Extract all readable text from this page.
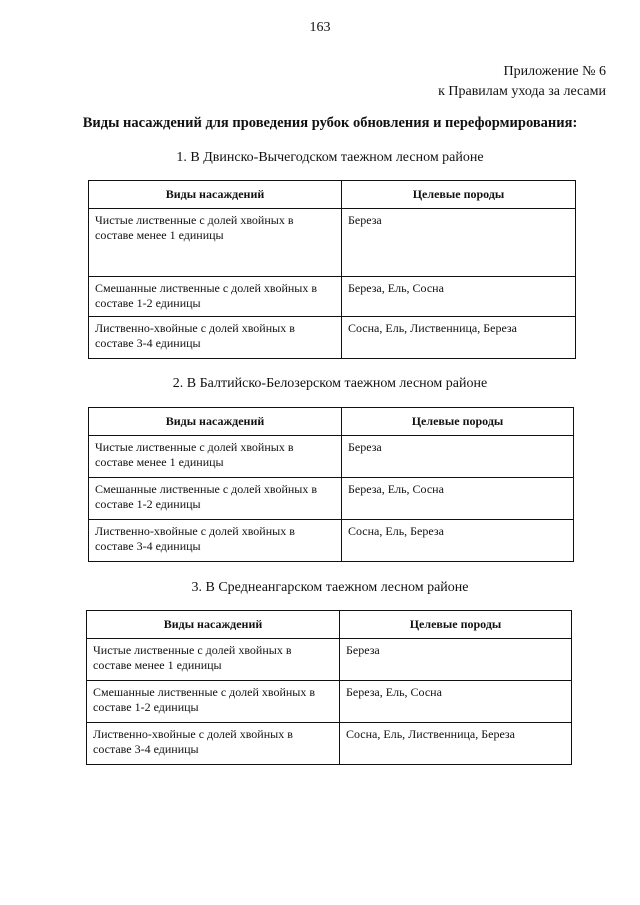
163
Приложение № 6
к Правилам ухода за лесами
Виды насаждений для проведения рубок обновления и переформирования:
1. В Двинско-Вычегодском таежном лесном районе
Виды насаждений	Целевые породы
Чистые лиственные с долей хвойных в составе менее 1 единицы	Береза
Смешанные лиственные с долей хвойных в составе 1-2 единицы	Береза, Ель, Сосна
Лиственно-хвойные с долей хвойных в составе 3-4 единицы	Сосна, Ель, Лиственница, Береза
2. В Балтийско-Белозерском таежном лесном районе
Виды насаждений	Целевые породы
Чистые лиственные с долей хвойных в составе менее 1 единицы	Береза
Смешанные лиственные с долей хвойных в составе 1-2 единицы	Береза, Ель, Сосна
Лиственно-хвойные с долей хвойных в составе 3-4 единицы	Сосна, Ель, Береза
3. В Среднеангарском таежном лесном районе
Виды насаждений	Целевые породы
Чистые лиственные с долей хвойных в составе менее 1 единицы	Береза
Смешанные лиственные с долей хвойных в составе 1-2 единицы	Береза, Ель, Сосна
Лиственно-хвойные с долей хвойных в составе 3-4 единицы	Сосна, Ель, Лиственница, Береза
